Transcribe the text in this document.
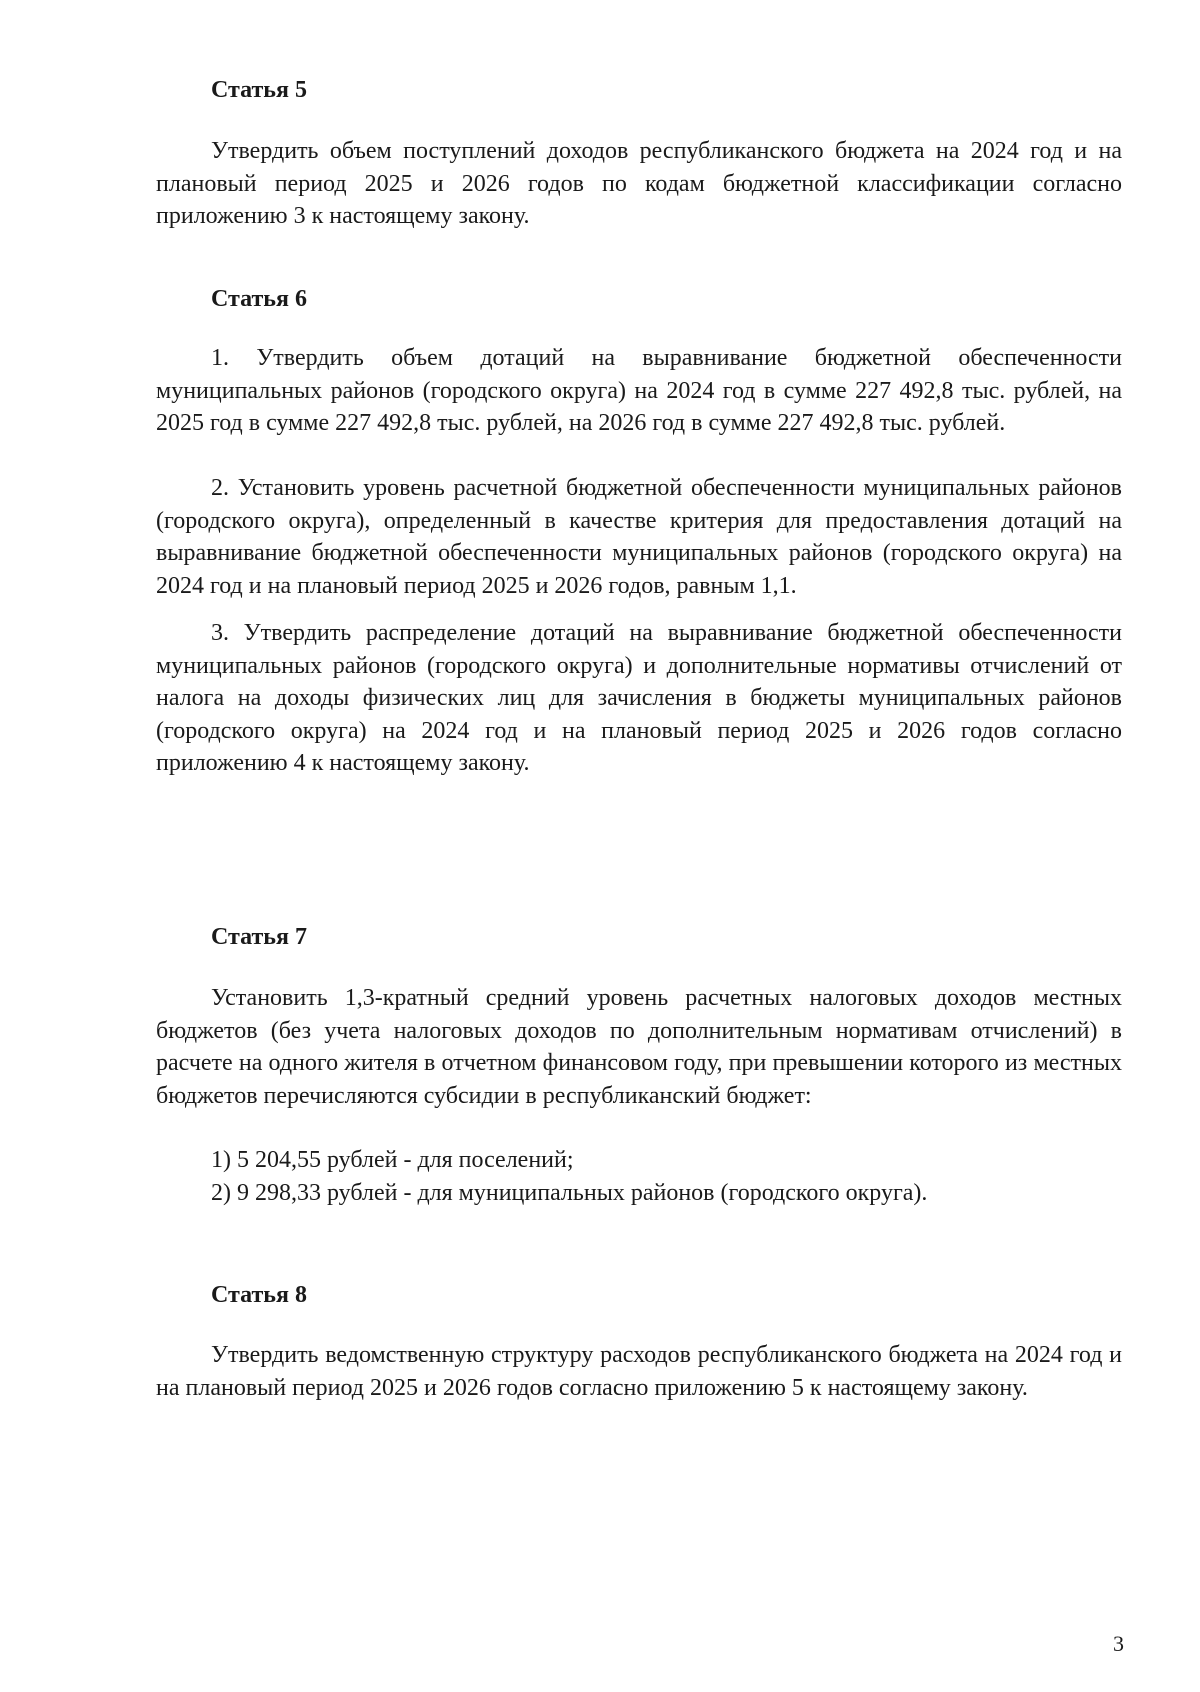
Статья 5

Утвердить объем поступлений доходов республиканского бюджета на 2024 год и на плановый период 2025 и 2026 годов по кодам бюджетной классификации согласно приложению 3 к настоящему закону.

Статья 6

1. Утвердить объем дотаций на выравнивание бюджетной обеспеченности муниципальных районов (городского округа) на 2024 год в сумме 227 492,8 тыс. рублей, на 2025 год в сумме 227 492,8 тыс. рублей, на 2026 год в сумме 227 492,8 тыс. рублей.

2. Установить уровень расчетной бюджетной обеспеченности муниципальных районов (городского округа), определенный в качестве критерия для предоставления дотаций на выравнивание бюджетной обеспеченности муниципальных районов (городского округа) на 2024 год и на плановый период 2025 и 2026 годов, равным 1,1.

3. Утвердить распределение дотаций на выравнивание бюджетной обеспеченности муниципальных районов (городского округа) и дополнительные нормативы отчислений от налога на доходы физических лиц для зачисления в бюджеты муниципальных районов (городского округа) на 2024 год и на плановый период 2025 и 2026 годов согласно приложению 4 к настоящему закону.

Статья 7

Установить 1,3-кратный средний уровень расчетных налоговых доходов местных бюджетов (без учета налоговых доходов по дополнительным нормативам отчислений) в расчете на одного жителя в отчетном финансовом году, при превышении которого из местных бюджетов перечисляются субсидии в республиканский бюджет:

1) 5 204,55 рублей - для поселений;
2) 9 298,33 рублей - для муниципальных районов (городского округа).
Статья 8

Утвердить ведомственную структуру расходов республиканского бюджета на 2024 год и на плановый период 2025 и 2026 годов согласно приложению 5 к настоящему закону.

3
